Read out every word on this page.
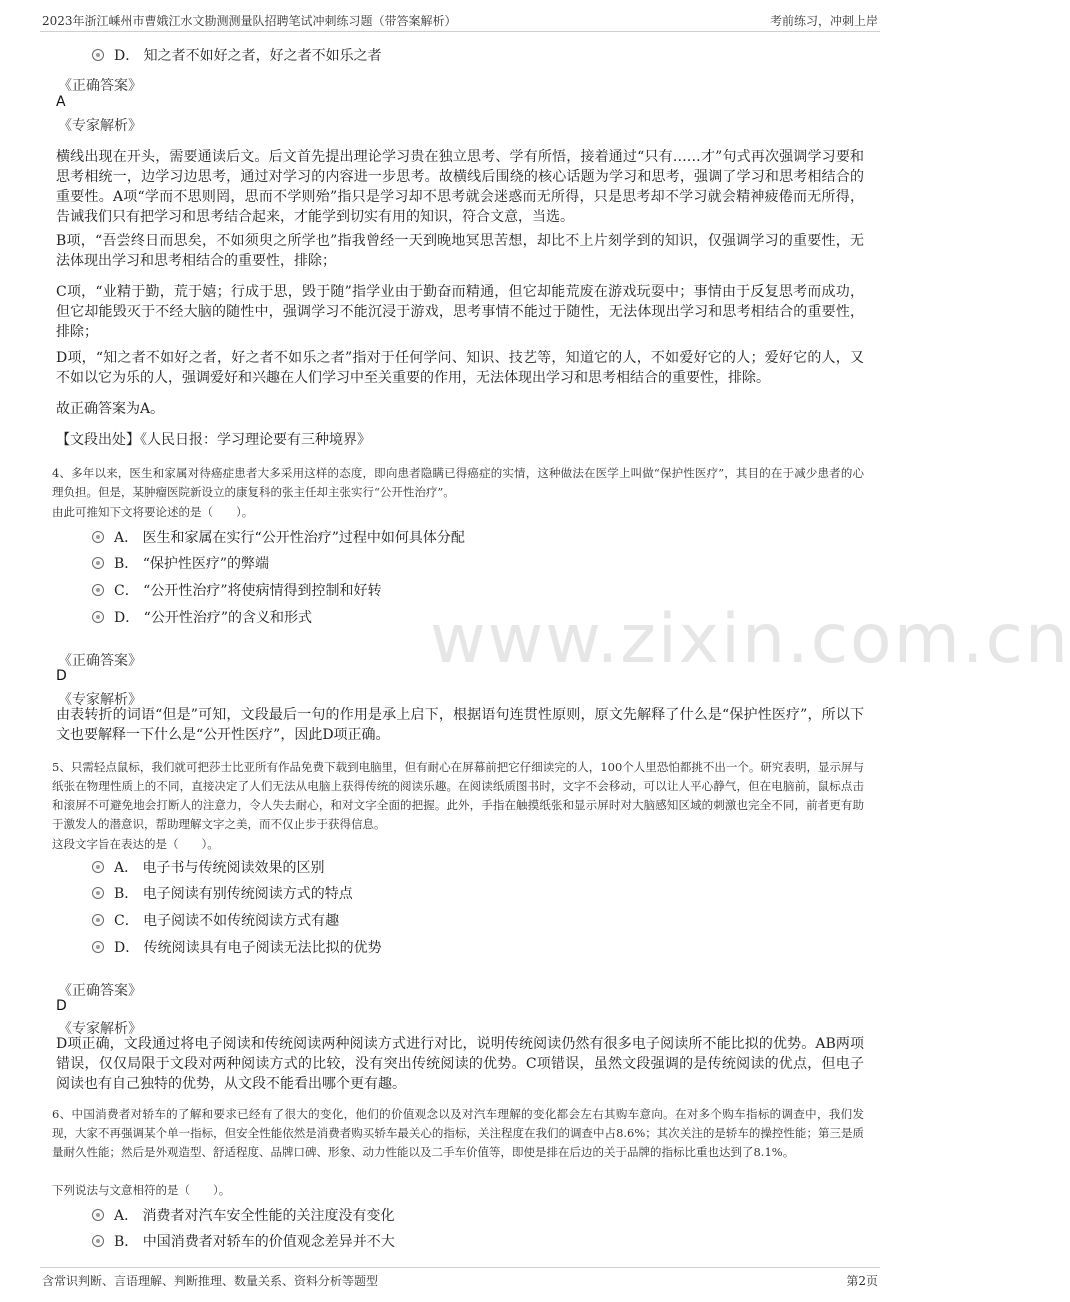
2023年浙江嵊州市曹娥江水文勘测测量队招聘笔试冲刺练习题（带答案解析）	考前练习，冲刺上岸
www.zixin.com.cn
D． 知之者不如好之者，好之者不如乐之者
《正确答案》
A
《专家解析》
横线出现在开头，需要通读后文。后文首先提出理论学习贵在独立思考、学有所悟，接着通过“只有……才”句式再次强调学习要和思考相统一，边学习边思考，通过对学习的内容进一步思考。故横线后围绕的核心话题为学习和思考，强调了学习和思考相结合的重要性。A项“学而不思则罔，思而不学则殆”指只是学习却不思考就会迷惑而无所得，只是思考却不学习就会精神疲倦而无所得，告诫我们只有把学习和思考结合起来，才能学到切实有用的知识，符合文意，当选。
B项，“吾尝终日而思矣，不如须臾之所学也”指我曾经一天到晚地冥思苦想，却比不上片刻学到的知识，仅强调学习的重要性，无法体现出学习和思考相结合的重要性，排除；
C项，“业精于勤，荒于嬉；行成于思，毁于随”指学业由于勤奋而精通，但它却能荒废在游戏玩耍中；事情由于反复思考而成功，但它却能毁灭于不经大脑的随性中，强调学习不能沉浸于游戏，思考事情不能过于随性，无法体现出学习和思考相结合的重要性，排除；
D项，“知之者不如好之者，好之者不如乐之者”指对于任何学问、知识、技艺等，知道它的人，不如爱好它的人；爱好它的人，又不如以它为乐的人，强调爱好和兴趣在人们学习中至关重要的作用，无法体现出学习和思考相结合的重要性，排除。
故正确答案为A。
【文段出处】《人民日报：学习理论要有三种境界》
4、多年以来，医生和家属对待癌症患者大多采用这样的态度，即向患者隐瞒已得癌症的实情，这种做法在医学上叫做“保护性医疗”，其目的在于减少患者的心理负担。但是，某肿瘤医院新设立的康复科的张主任却主张实行“公开性治疗”。
由此可推知下文将要论述的是（　　）。
A． 医生和家属在实行“公开性治疗”过程中如何具体分配
B． “保护性医疗”的弊端
C． “公开性治疗”将使病情得到控制和好转
D． “公开性治疗”的含义和形式
《正确答案》
D
《专家解析》
由表转折的词语“但是”可知，文段最后一句的作用是承上启下，根据语句连贯性原则，原文先解释了什么是“保护性医疗”，所以下文也要解释一下什么是“公开性医疗”，因此D项正确。
5、只需轻点鼠标，我们就可把莎士比亚所有作品免费下载到电脑里，但有耐心在屏幕前把它仔细读完的人，100个人里恐怕都挑不出一个。研究表明，显示屏与纸张在物理性质上的不同，直接决定了人们无法从电脑上获得传统的阅读乐趣。在阅读纸质图书时，文字不会移动，可以让人平心静气，但在电脑前，鼠标点击和滚屏不可避免地会打断人的注意力，令人失去耐心，和对文字全面的把握。此外，手指在触摸纸张和显示屏时对大脑感知区域的刺激也完全不同，前者更有助于激发人的潜意识，帮助理解文字之美，而不仅止步于获得信息。
这段文字旨在表达的是（　　）。
A． 电子书与传统阅读效果的区别
B． 电子阅读有别传统阅读方式的特点
C． 电子阅读不如传统阅读方式有趣
D． 传统阅读具有电子阅读无法比拟的优势
《正确答案》
D
《专家解析》
D项正确，文段通过将电子阅读和传统阅读两种阅读方式进行对比，说明传统阅读仍然有很多电子阅读所不能比拟的优势。AB两项错误，仅仅局限于文段对两种阅读方式的比较，没有突出传统阅读的优势。C项错误，虽然文段强调的是传统阅读的优点，但电子阅读也有自己独特的优势，从文段不能看出哪个更有趣。
6、中国消费者对轿车的了解和要求已经有了很大的变化，他们的价值观念以及对汽车理解的变化都会左右其购车意向。在对多个购车指标的调查中，我们发现，大家不再强调某个单一指标，但安全性能依然是消费者购买轿车最关心的指标，关注程度在我们的调查中占8.6%；其次关注的是轿车的操控性能；第三是质量耐久性能；然后是外观造型、舒适程度、品牌口碑、形象、动力性能以及二手车价值等，即使是排在后边的关于品牌的指标比重也达到了8.1%。
下列说法与文意相符的是（　　）。
A． 消费者对汽车安全性能的关注度没有变化
B． 中国消费者对轿车的价值观念差异并不大
含常识判断、言语理解、判断推理、数量关系、资料分析等题型	第2页
